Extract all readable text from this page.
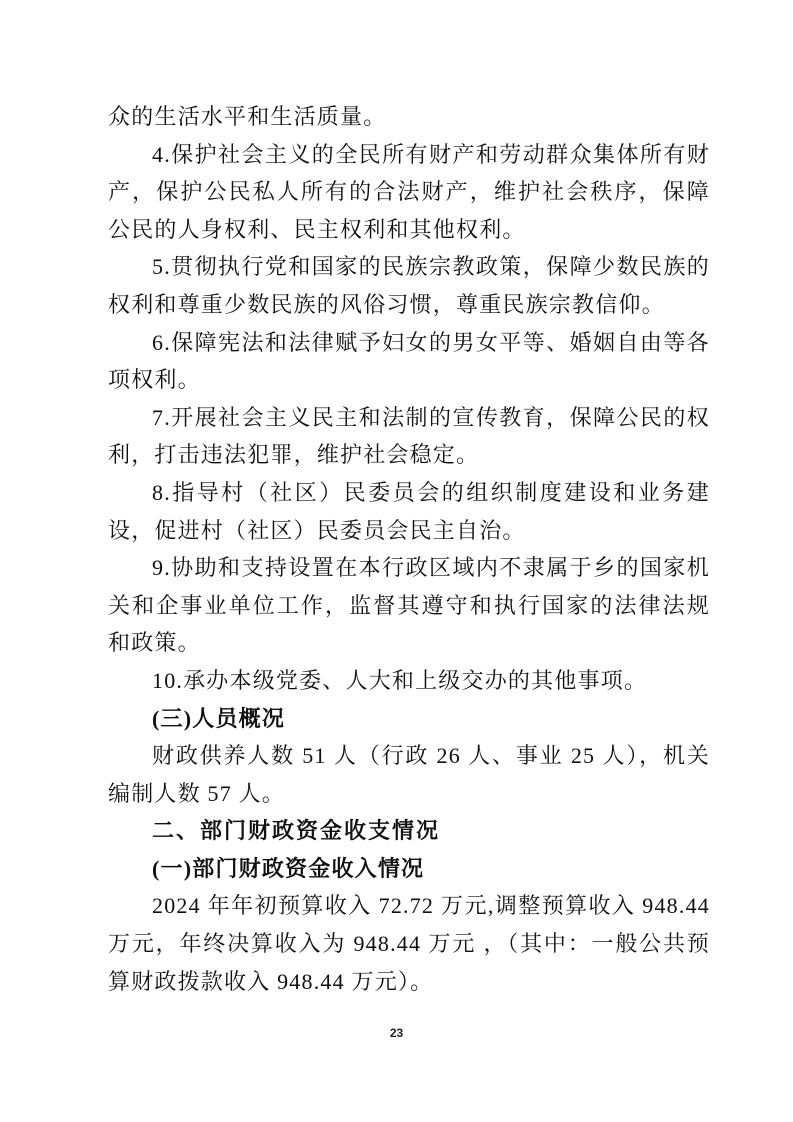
众的生活水平和生活质量。

4.保护社会主义的全民所有财产和劳动群众集体所有财产，保护公民私人所有的合法财产，维护社会秩序，保障公民的人身权利、民主权利和其他权利。

5.贯彻执行党和国家的民族宗教政策，保障少数民族的权利和尊重少数民族的风俗习惯，尊重民族宗教信仰。

6.保障宪法和法律赋予妇女的男女平等、婚姻自由等各项权利。

7.开展社会主义民主和法制的宣传教育，保障公民的权利，打击违法犯罪，维护社会稳定。

8.指导村（社区）民委员会的组织制度建设和业务建设，促进村（社区）民委员会民主自治。

9.协助和支持设置在本行政区域内不隶属于乡的国家机关和企事业单位工作，监督其遵守和执行国家的法律法规和政策。

10.承办本级党委、人大和上级交办的其他事项。

(三)人员概况

财政供养人数 51 人（行政 26 人、事业 25 人），机关编制人数 57 人。

二、部门财政资金收支情况

(一)部门财政资金收入情况

2024 年年初预算收入 72.72 万元,调整预算收入 948.44 万元，年终决算收入为 948.44 万元 ，（其中：一般公共预算财政拨款收入 948.44 万元）。

23
